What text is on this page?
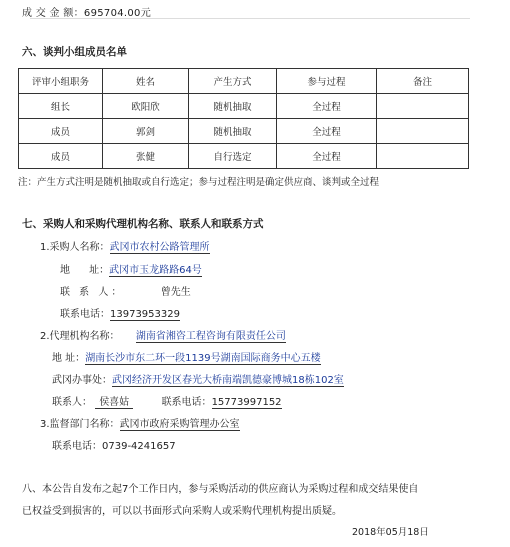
成 交 金 额：695704.00元
六、谈判小组成员名单
评审小组职务	姓名	产生方式	参与过程	备注
组长	欧阳欣	随机抽取	全过程	
成员	郭剑	随机抽取	全过程	
成员	张健	自行选定	全过程	
注：产生方式注明是随机抽取或自行选定；参与过程注明是确定供应商、谈判或全过程
七、采购人和采购代理机构名称、联系人和联系方式
1.采购人名称：武冈市农村公路管理所
地      址：武冈市玉龙路路64号
联 系 人：	曾先生
联系电话：13973953329
2.代理机构名称： 湖南省湘咨工程咨询有限责任公司
地 址：湖南长沙市东二环一段1139号湖南国际商务中心五楼
武冈办事处：武冈经济开发区春光大桥南端凯德豪博城18栋102室
联系人： 侯喜姑	联系电话：15773997152
3.监督部门名称：武冈市政府采购管理办公室
联系电话：0739-4241657
八、本公告自发布之起7个工作日内，参与采购活动的供应商认为采购过程和成交结果使自
已权益受到损害的，可以以书面形式向采购人或采购代理机构提出质疑。
2018年05月18日
